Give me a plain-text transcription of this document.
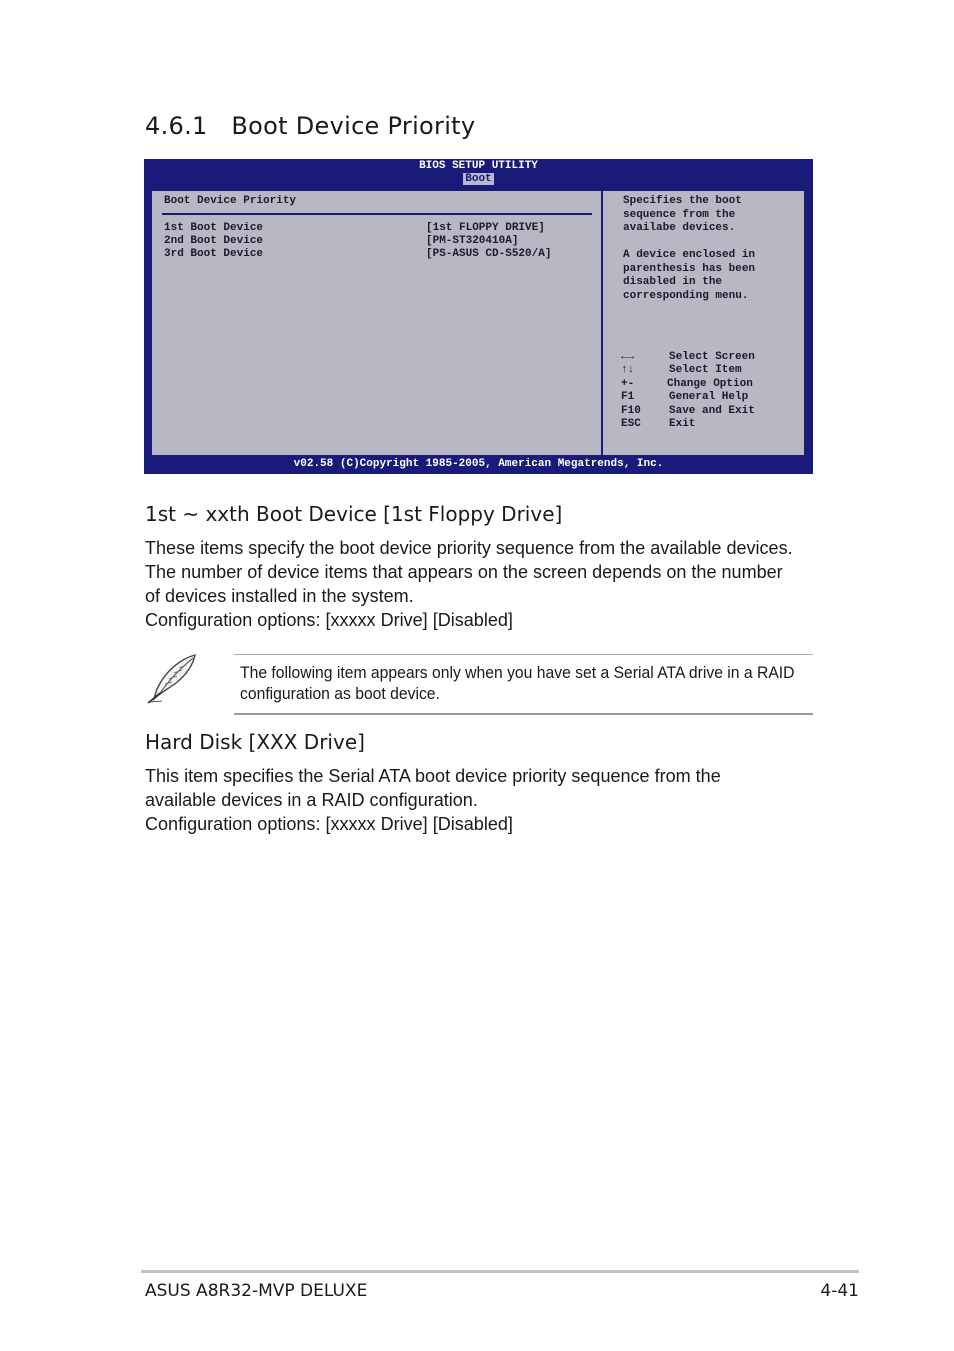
4.6.1 Boot Device Priority
BIOS SETUP UTILITY
Boot
Boot Device Priority
1st Boot Device	[1st FLOPPY DRIVE]
2nd Boot Device	[PM-ST320410A]
3rd Boot Device	[PS-ASUS CD-S520/A]
Specifies the boot
sequence from the
availabe devices.

A device enclosed in
parenthesis has been
disabled in the
corresponding menu.
←→	Select Screen
↑↓	Select Item
+-	Change Option
F1	General Help
F10	Save and Exit
ESC	Exit
v02.58 (C)Copyright 1985-2005, American Megatrends, Inc.
1st ~ xxth Boot Device [1st Floppy Drive]

These items specify the boot device priority sequence from the available devices. The number of device items that appears on the screen depends on the number of devices installed in the system.

Configuration options: [xxxxx Drive] [Disabled]

The following item appears only when you have set a Serial ATA drive in a RAID configuration as boot device.

Hard Disk [XXX Drive]

This item specifies the Serial ATA boot device priority sequence from the available devices in a RAID configuration.

Configuration options: [xxxxx Drive] [Disabled]

ASUS A8R32-MVP DELUXE	4-41
